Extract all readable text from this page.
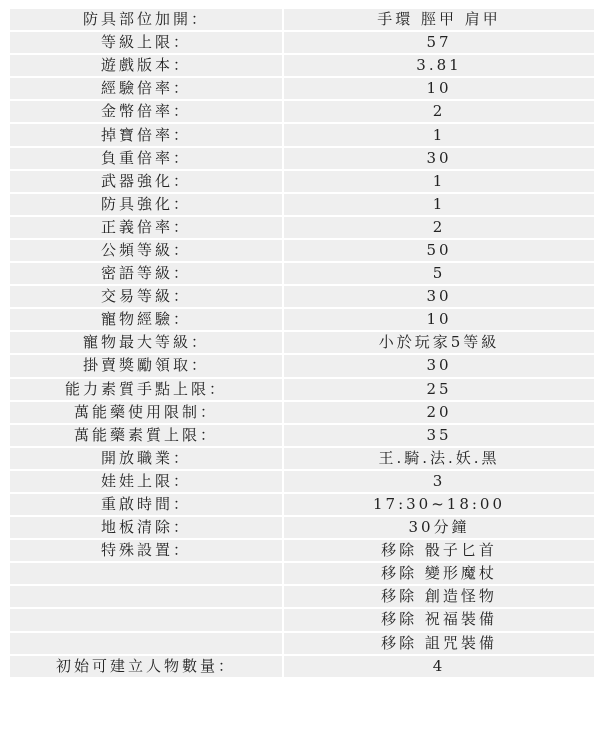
防具部位加開：	手環 脛甲 肩甲
等級上限：	57
遊戲版本：	3.81
經驗倍率：	10
金幣倍率：	2
掉寶倍率：	1
負重倍率：	30
武器強化：	1
防具強化：	1
正義倍率：	2
公頻等級：	50
密語等級：	5
交易等級：	30
寵物經驗：	10
寵物最大等級：	小於玩家5等級
掛賣獎勵領取：	30
能力素質手點上限：	25
萬能藥使用限制：	20
萬能藥素質上限：	35
開放職業：	王.騎.法.妖.黑
娃娃上限：	3
重啟時間：	17:30~18:00
地板清除：	30分鐘
特殊設置：	移除 骰子匕首
	移除 變形魔杖
	移除 創造怪物
	移除 祝福裝備
	移除 詛咒裝備
初始可建立人物數量：	4
